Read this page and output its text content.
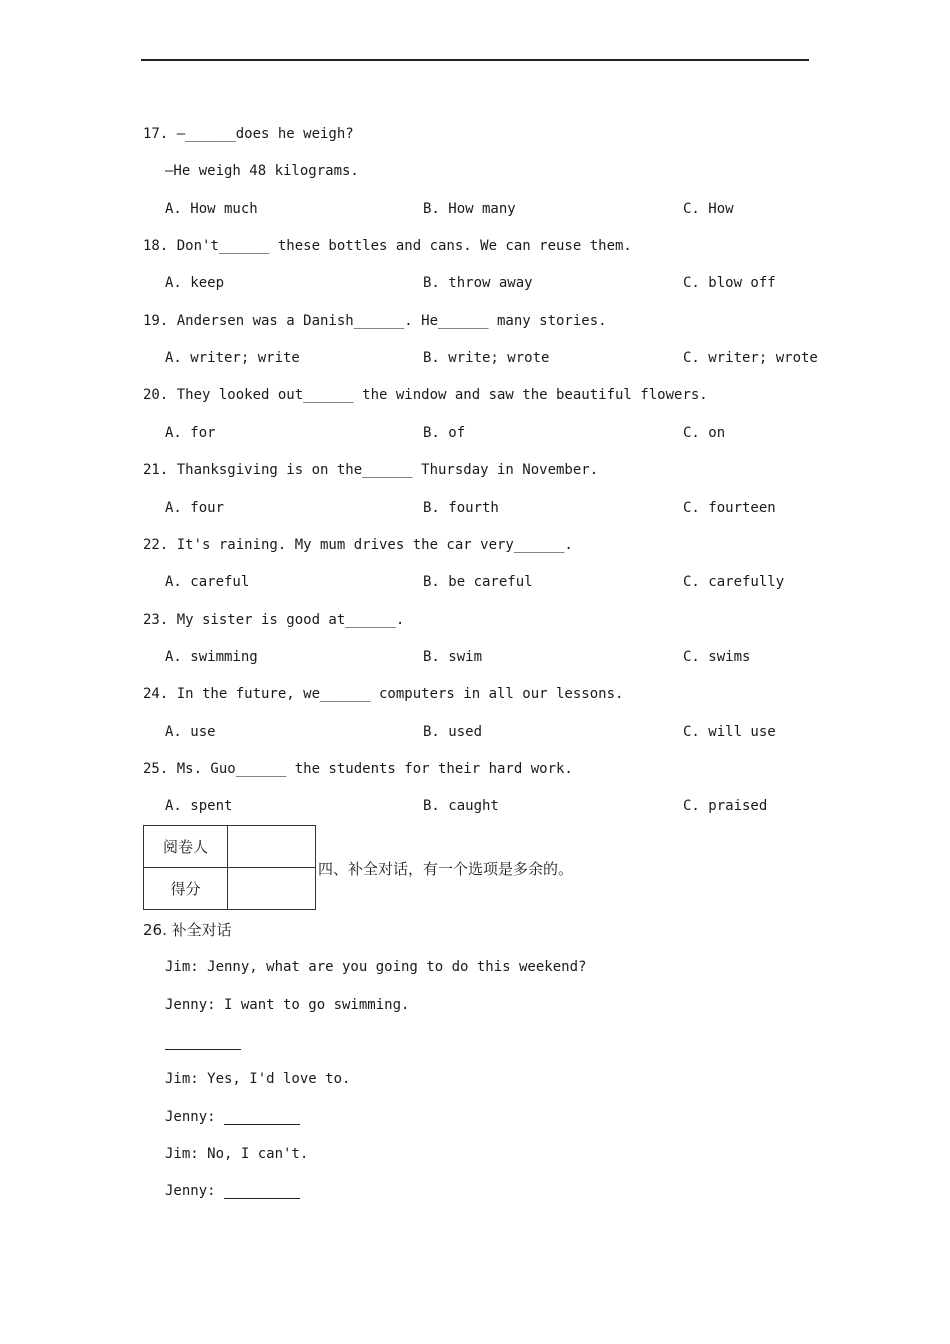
17. —______does he weigh?
—He weigh 48 kilograms.
A. How much	B. How many	C. How
18. Don't______ these bottles and cans. We can reuse them.
A. keep	B. throw away	C. blow off
19. Andersen was a Danish______. He______ many stories.
A. writer; write	B. write; wrote	C. writer; wrote
20. They looked out______ the window and saw the beautiful flowers.
A. for	B. of	C. on
21. Thanksgiving is on the______ Thursday in November.
A. four	B. fourth	C. fourteen
22. It's raining. My mum drives the car very______.
A. careful	B. be careful	C. carefully
23. My sister is good at______.
A. swimming	B. swim	C. swims
24. In the future, we______ computers in all our lessons.
A. use	B. used	C. will use
25. Ms. Guo______ the students for their hard work.
A. spent	B. caught	C. praised
阅卷人
得分
四、补全对话，有一个选项是多余的。
26. 补全对话
Jim: Jenny, what are you going to do this weekend?
Jenny: I want to go swimming.
Jim: Yes, I'd love to.
Jenny:
Jim: No, I can't.
Jenny:
